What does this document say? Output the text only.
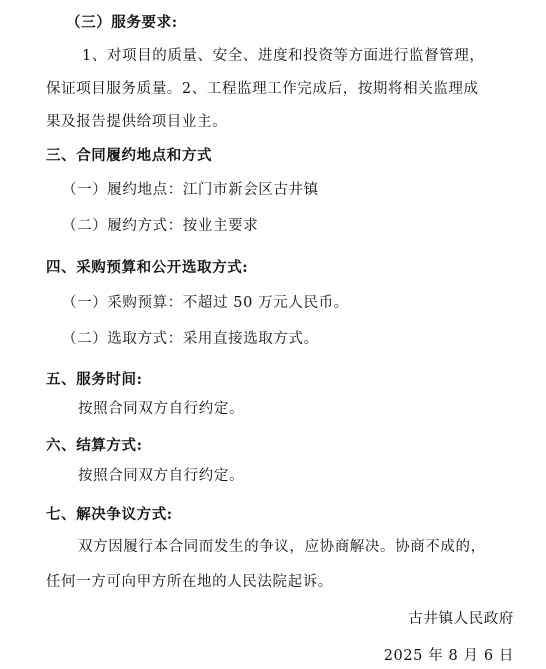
（三）服务要求:
1、对项目的质量、安全、进度和投资等方面进行监督管理，
保证项目服务质量。2、工程监理工作完成后，按期将相关监理成
果及报告提供给项目业主。
三、合同履约地点和方式
（一）履约地点：江门市新会区古井镇
（二）履约方式：按业主要求
四、采购预算和公开选取方式:
（一）采购预算：不超过 50 万元人民币。
（二）选取方式：采用直接选取方式。
五、服务时间:
按照合同双方自行约定。
六、结算方式:
按照合同双方自行约定。
七、解决争议方式:
双方因履行本合同而发生的争议，应协商解决。协商不成的，
任何一方可向甲方所在地的人民法院起诉。
古井镇人民政府
2025 年 8 月 6 日
